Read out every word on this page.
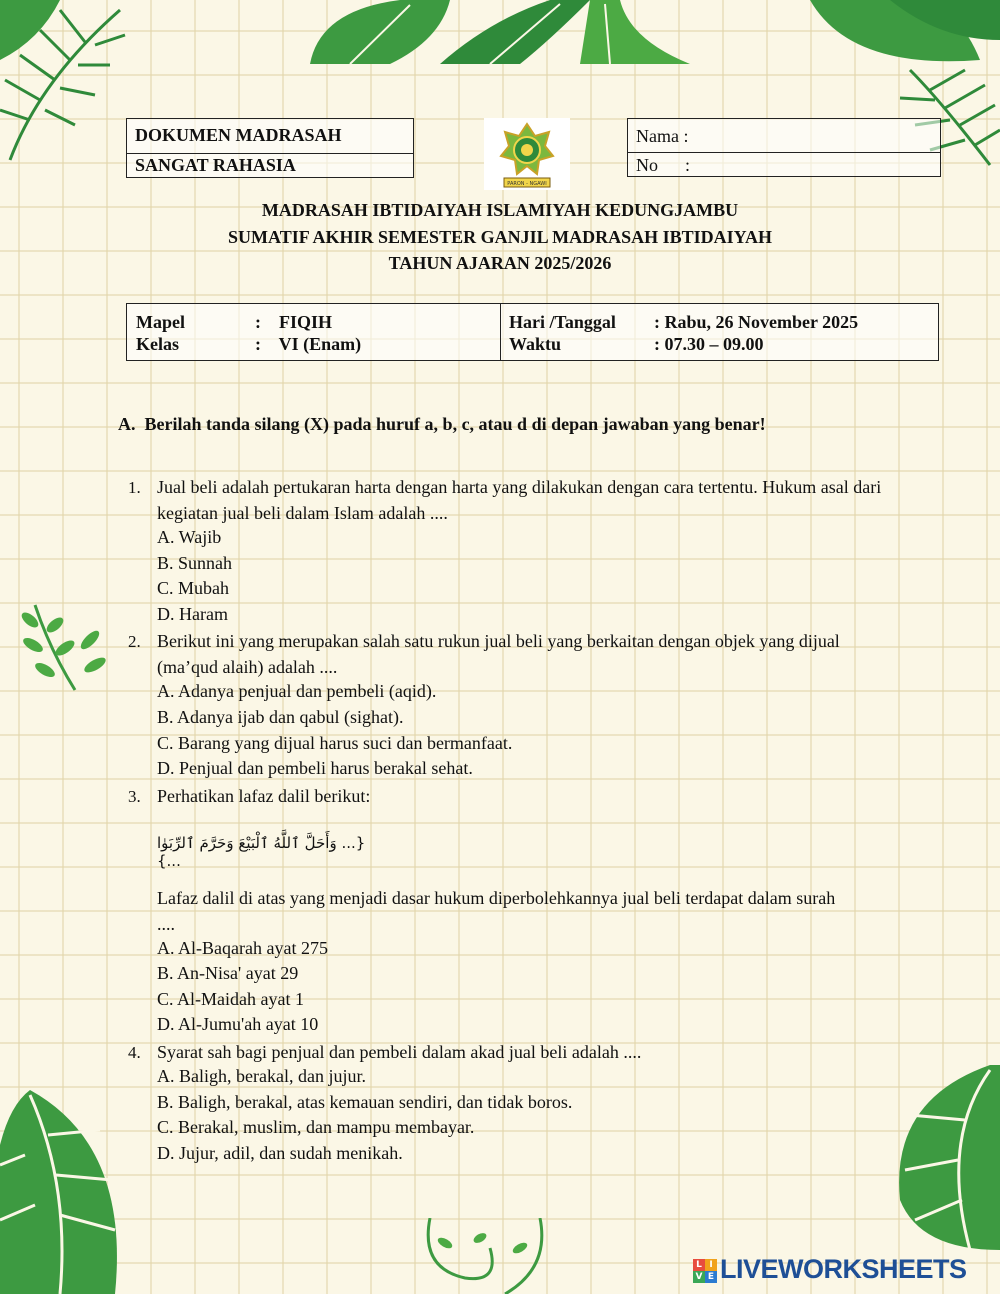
DOKUMEN MADRASAH
SANGAT RAHASIA
PARON - NGAWI
Nama :
No      :
MADRASAH IBTIDAIYAH ISLAMIYAH KEDUNGJAMBU
SUMATIF AKHIR SEMESTER GANJIL MADRASAH IBTIDAIYAH
TAHUN AJARAN 2025/2026
Mapel	:    FIQIH
Kelas	:    VI (Enam)
Hari /Tanggal : Rabu, 26 November 2025
Waktu	: 07.30 – 09.00
A.  Berilah tanda silang (X) pada huruf a, b, c, atau d di depan jawaban yang benar!
1. Jual beli adalah pertukaran harta dengan harta yang dilakukan dengan cara tertentu. Hukum asal dari kegiatan jual beli dalam Islam adalah ....
A. Wajib
B. Sunnah
C. Mubah
D. Haram
2. Berikut ini yang merupakan salah satu rukun jual beli yang berkaitan dengan objek yang dijual (ma’qud alaih) adalah ....
A. Adanya penjual dan pembeli (aqid).
B. Adanya ijab dan qabul (sighat).
C. Barang yang dijual harus suci dan bermanfaat.
D. Penjual dan pembeli harus berakal sehat.
3. Perhatikan lafaz dalil berikut:
{... وَأَحَلَّ ٱللَّهُ ٱلْبَيْعَ وَحَرَّمَ ٱلرِّبَوٰا ...}
Lafaz dalil di atas yang menjadi dasar hukum diperbolehkannya jual beli terdapat dalam surah ....
A. Al-Baqarah ayat 275
B. An-Nisa' ayat 29
C. Al-Maidah ayat 1
D. Al-Jumu'ah ayat 10
4. Syarat sah bagi penjual dan pembeli dalam akad jual beli adalah ....
A. Baligh, berakal, dan jujur.
B. Baligh, berakal, atas kemauan sendiri, dan tidak boros.
C. Berakal, muslim, dan mampu membayar.
D. Jujur, adil, dan sudah menikah.
L I
V E LIVEWORKSHEETS
